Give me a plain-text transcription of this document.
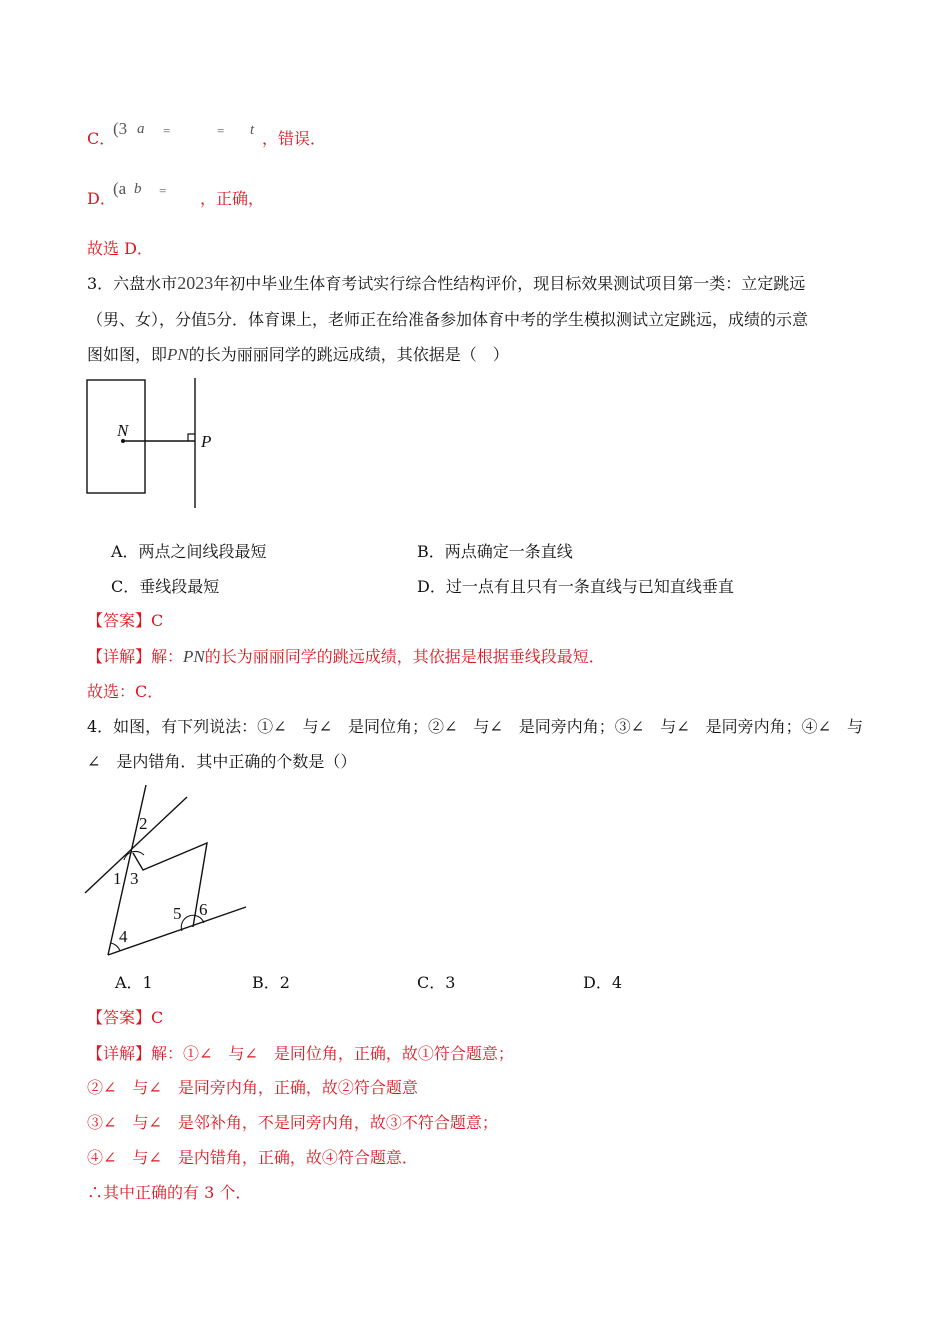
C．
(3 a =	= t ，错误．
D．
(a b = ，正确，
故选 D．
3．六盘水市2023年初中毕业生体育考试实行综合性结构评价，现目标效果测试项目第一类：立定跳远
（男、女），分值5分．体育课上，老师正在给准备参加体育中考的学生模拟测试立定跳远，成绩的示意
图如图，即PN的长为丽丽同学的跳远成绩，其依据是（　）
N
P
A．两点之间线段最短	B．两点确定一条直线
C．垂线段最短	D．过一点有且只有一条直线与已知直线垂直
【答案】C
【详解】解：PN的长为丽丽同学的跳远成绩，其依据是根据垂线段最短．
故选：C．
4．如图，有下列说法：①∠　与∠　是同位角；②∠　与∠　是同旁内角；③∠　与∠　是同旁内角；④∠　与
∠　是内错角．其中正确的个数是（）
1
2
3
4
5 6
A．1	B．2	C．3	D．4
【答案】C
【详解】解：①∠　与∠　是同位角，正确，故①符合题意；
②∠　与∠　是同旁内角，正确，故②符合题意
③∠　与∠　是邻补角，不是同旁内角，故③不符合题意；
④∠　与∠　是内错角，正确，故④符合题意．
∴其中正确的有 3 个．
